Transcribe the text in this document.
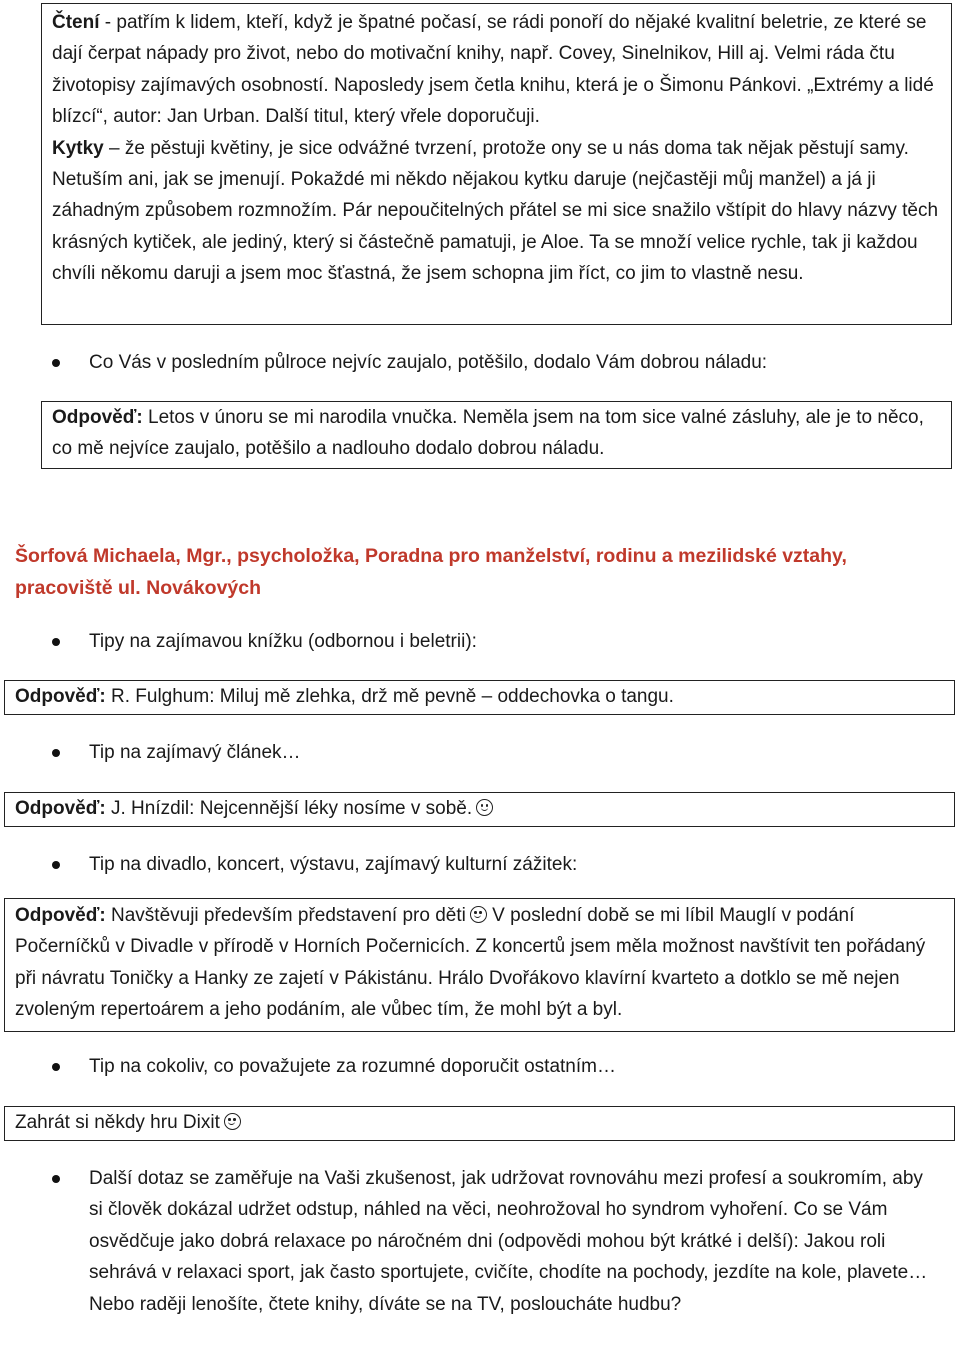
Čtení - patřím k lidem, kteří, když je špatné počasí, se rádi ponoří do nějaké kvalitní beletrie, ze které se dají čerpat nápady pro život, nebo do motivační knihy, např. Covey, Sinelnikov, Hill aj. Velmi ráda čtu životopisy zajímavých osobností. Naposledy jsem četla knihu, která je o Šimonu Pánkovi. „Extrémy a lidé blízcí“, autor: Jan Urban. Další titul, který vřele doporučuji.
Kytky – že pěstuji květiny, je sice odvážné tvrzení, protože ony se u nás doma tak nějak pěstují samy. Netuším ani, jak se jmenují. Pokaždé mi někdo nějakou kytku daruje (nejčastěji můj manžel) a já ji záhadným způsobem rozmnožím. Pár nepoučitelných přátel se mi sice snažilo vštípit do hlavy názvy těch krásných kytiček, ale jediný, který si částečně pamatuji, je Aloe. Ta se množí velice rychle, tak ji každou chvíli někomu daruji a jsem moc šťastná, že jsem schopna jim říct, co jim to vlastně nesu.
Co Vás v posledním půlroce nejvíc zaujalo, potěšilo, dodalo Vám dobrou náladu:
Odpověď: Letos v únoru se mi narodila vnučka. Neměla jsem na tom sice valné zásluhy, ale je to něco, co mě nejvíce zaujalo, potěšilo a nadlouho dodalo dobrou náladu.
Šorfová Michaela, Mgr., psycholožka, Poradna pro manželství, rodinu a mezilidské vztahy, pracoviště ul. Novákových
Tipy na zajímavou knížku (odbornou i beletrii):
Odpověď: R. Fulghum: Miluj mě zlehka, drž mě pevně – oddechovka o tangu.
Tip na zajímavý článek…
Odpověď: J. Hnízdil: Nejcennější léky nosíme v sobě.
Tip na divadlo, koncert, výstavu, zajímavý kulturní zážitek:
Odpověď: Navštěvuji především představení pro děti V poslední době se mi líbil Mauglí v podání Počerníčků v Divadle v přírodě v Horních Počernicích. Z koncertů jsem měla možnost navštívit ten pořádaný při návratu Toničky a Hanky ze zajetí v Pákistánu. Hrálo Dvořákovo klavírní kvarteto a dotklo se mě nejen zvoleným repertoárem a jeho podáním, ale vůbec tím, že mohl být a byl.
Tip na cokoliv, co považujete za rozumné doporučit ostatním…
Zahrát si někdy hru Dixit
Další dotaz se zaměřuje na Vaši zkušenost, jak udržovat rovnováhu mezi profesí a soukromím, aby si člověk dokázal udržet odstup, náhled na věci, neohrožoval ho syndrom vyhoření. Co se Vám osvědčuje jako dobrá relaxace po náročném dni (odpovědi mohou být krátké i delší): Jakou roli sehrává v relaxaci sport, jak často sportujete, cvičíte, chodíte na pochody, jezdíte na kole, plavete… Nebo raději lenošíte, čtete knihy, díváte se na TV, posloucháte hudbu?
